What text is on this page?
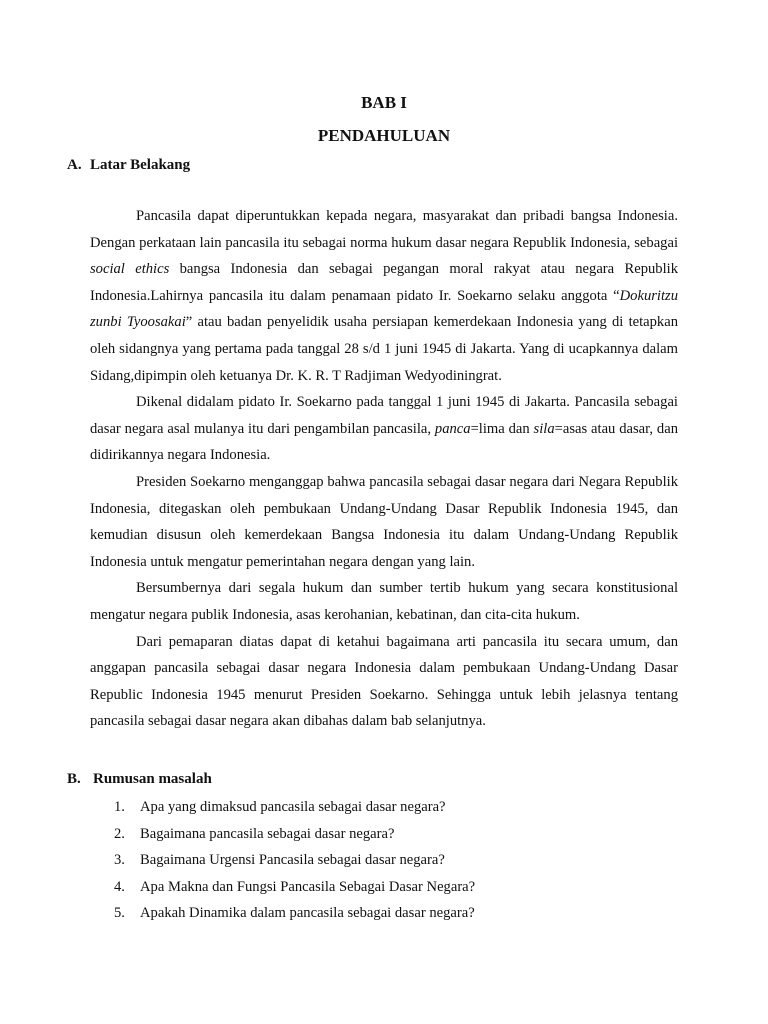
BAB I
PENDAHULUAN
A. Latar Belakang

Pancasila dapat diperuntukkan kepada negara, masyarakat dan pribadi bangsa Indonesia. Dengan perkataan lain pancasila itu sebagai norma hukum dasar negara Republik Indonesia, sebagai social ethics bangsa Indonesia dan sebagai pegangan moral rakyat atau negara Republik Indonesia.Lahirnya pancasila itu dalam penamaan pidato Ir. Soekarno selaku anggota “Dokuritzu zunbi Tyoosakai” atau badan penyelidik usaha persiapan kemerdekaan Indonesia yang di tetapkan oleh sidangnya yang pertama pada tanggal 28 s/d 1 juni 1945 di Jakarta. Yang di ucapkannya dalam Sidang,dipimpin oleh ketuanya Dr. K. R. T Radjiman Wedyodiningrat.

Dikenal didalam pidato Ir. Soekarno pada tanggal 1 juni 1945 di Jakarta. Pancasila sebagai dasar negara asal mulanya itu dari pengambilan pancasila, panca=lima dan sila=asas atau dasar, dan didirikannya negara Indonesia.

Presiden Soekarno menganggap bahwa pancasila sebagai dasar negara dari Negara Republik Indonesia, ditegaskan oleh pembukaan Undang-Undang Dasar Republik Indonesia 1945, dan kemudian disusun oleh kemerdekaan Bangsa Indonesia itu dalam Undang-Undang Republik Indonesia untuk mengatur pemerintahan negara dengan yang lain.

Bersumbernya dari segala hukum dan sumber tertib hukum yang secara konstitusional mengatur negara publik Indonesia, asas kerohanian, kebatinan, dan cita-cita hukum.

Dari pemaparan diatas dapat di ketahui bagaimana arti pancasila itu secara umum, dan anggapan pancasila sebagai dasar negara Indonesia dalam pembukaan Undang-Undang Dasar Republic Indonesia 1945 menurut Presiden Soekarno. Sehingga untuk lebih jelasnya tentang pancasila sebagai dasar negara akan dibahas dalam bab selanjutnya.

B. Rumusan masalah
1. Apa yang dimaksud pancasila sebagai dasar negara?
2. Bagaimana pancasila sebagai dasar negara?
3. Bagaimana Urgensi Pancasila sebagai dasar negara?
4. Apa Makna dan Fungsi Pancasila Sebagai Dasar Negara?
5. Apakah Dinamika dalam pancasila sebagai dasar negara?
